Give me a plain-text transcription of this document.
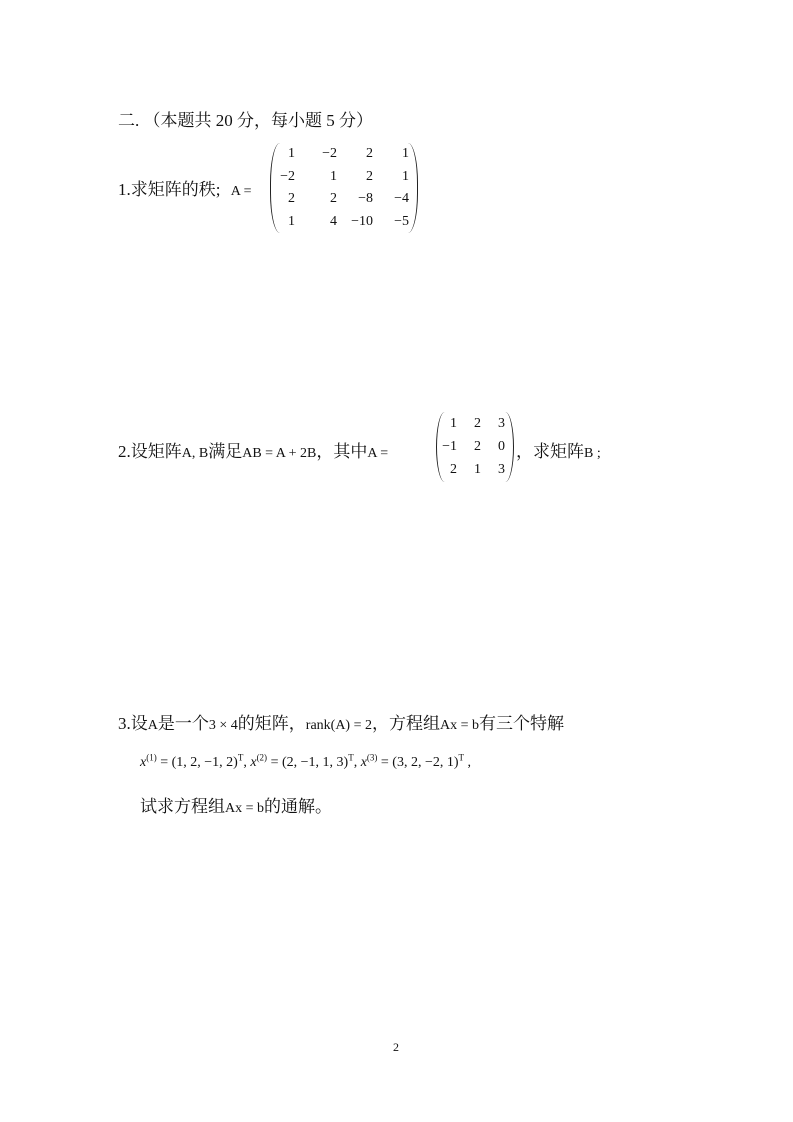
二. （本题共 20 分，每小题 5 分）
1.求矩阵的秩; A =
1	−2	2	1
−2	1	2	1
2	2	−8	−4
1	4	−10	−5
2.设矩阵A, B满足AB = A + 2B，其中A =
1	2	3
−1	2	0
2	1	3
，求矩阵B ;
3.设A是一个3 × 4的矩阵，rank(A) = 2，方程组Ax = b有三个特解
$x^{(1)} = (1$, 2, −1, 2)$^T$, $x^{(2)} = (2$, −1, 1, 3)$^T$, $x^{(3)} = (3$, 2, −2, 1)$^T$ ,
试求方程组Ax = b的通解。
2
